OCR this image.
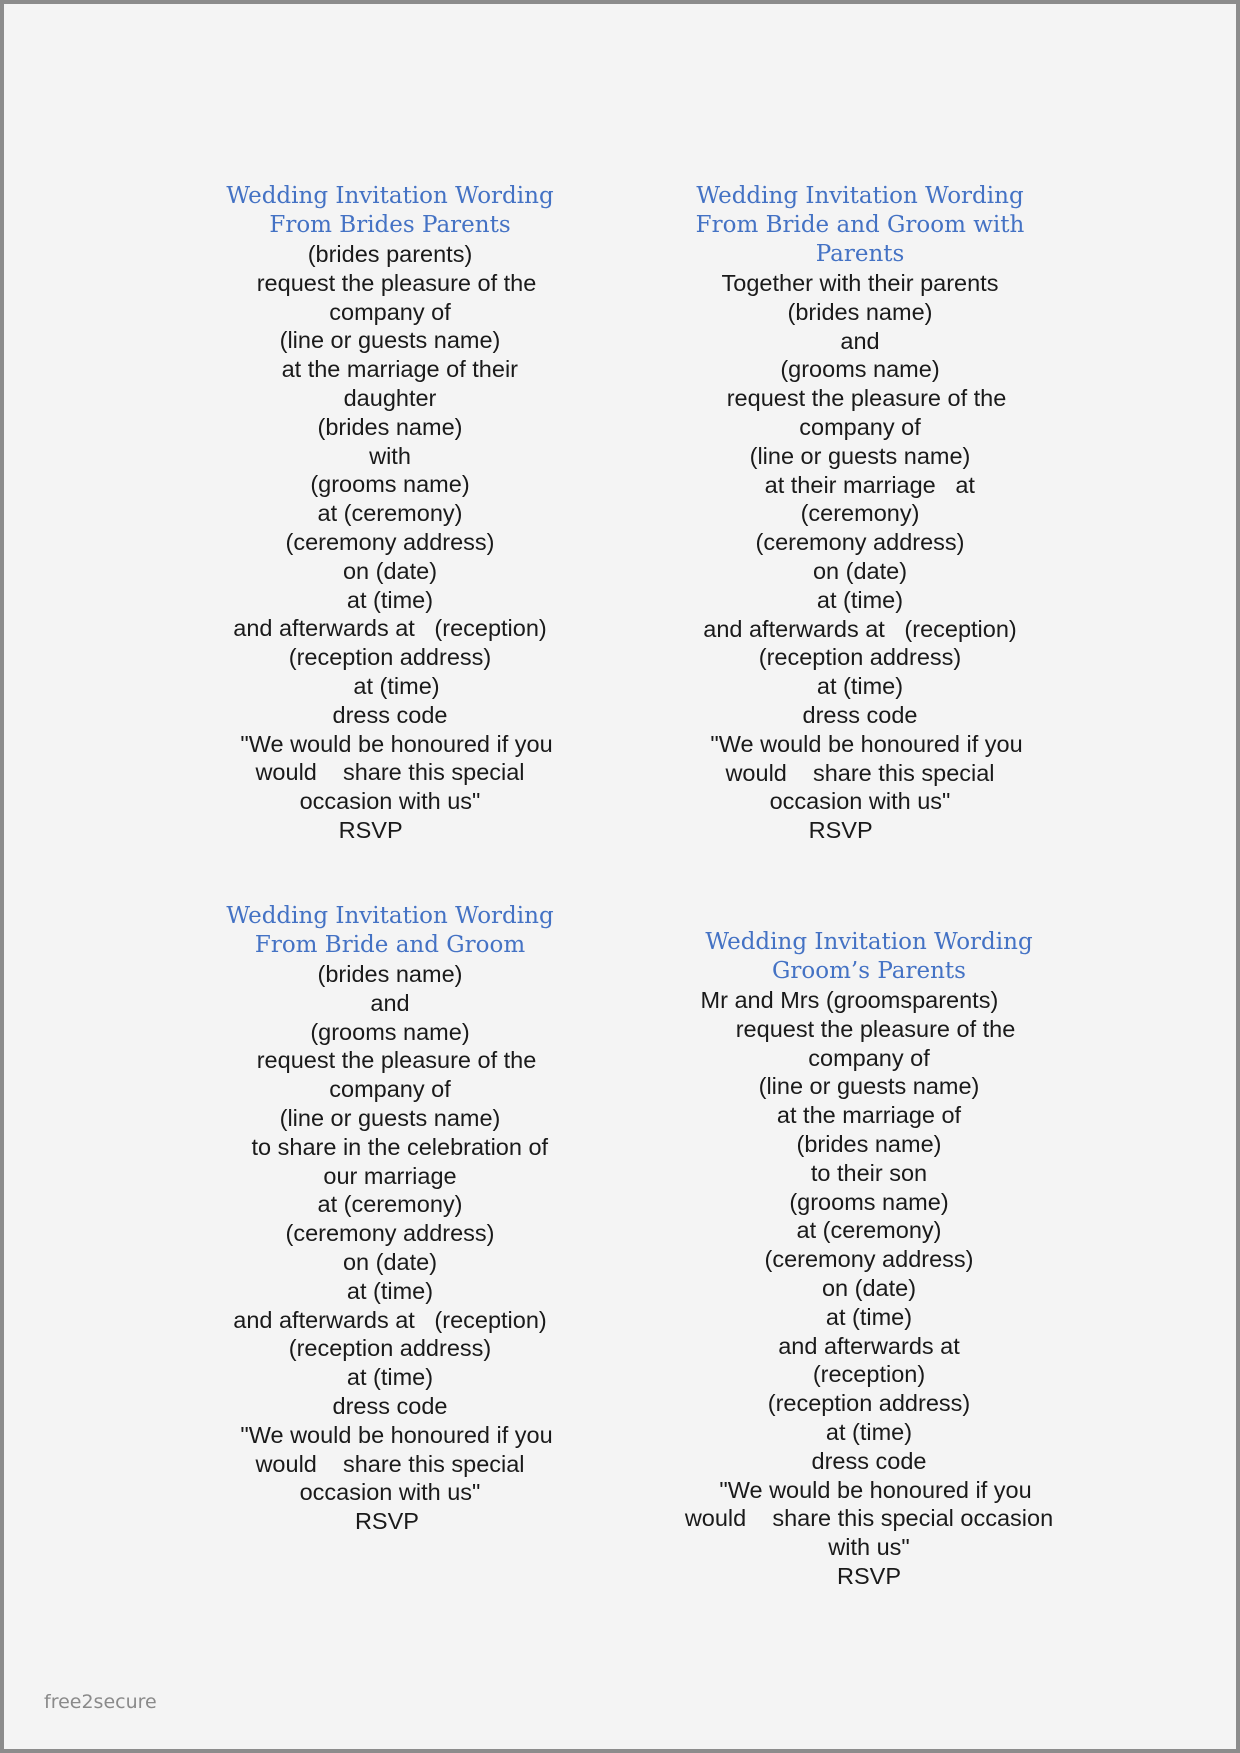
Wedding Invitation Wording
From Brides Parents
(brides parents)
request the pleasure of the
company of
(line or guests name)
at the marriage of their
daughter
(brides name)
with
(grooms name)
at (ceremony)
(ceremony address)
on (date)
at (time)
and afterwards at   (reception)
(reception address)
at (time)
dress code
"We would be honoured if you
would    share this special
occasion with us"
RSVP
Wedding Invitation Wording
From Bride and Groom with
Parents
Together with their parents
(brides name)
and
(grooms name)
request the pleasure of the
company of
(line or guests name)
at their marriage   at
(ceremony)
(ceremony address)
on (date)
at (time)
and afterwards at   (reception)
(reception address)
at (time)
dress code
"We would be honoured if you
would    share this special
occasion with us"
RSVP
Wedding Invitation Wording
From Bride and Groom
(brides name)
and
(grooms name)
request the pleasure of the
company of
(line or guests name)
to share in the celebration of
our marriage
at (ceremony)
(ceremony address)
on (date)
at (time)
and afterwards at   (reception)
(reception address)
at (time)
dress code
"We would be honoured if you
would    share this special
occasion with us"
RSVP
Wedding Invitation Wording
Groom’s Parents
Mr and Mrs (groomsparents)
request the pleasure of the
company of
(line or guests name)
at the marriage of
(brides name)
to their son
(grooms name)
at (ceremony)
(ceremony address)
on (date)
at (time)
and afterwards at
(reception)
(reception address)
at (time)
dress code
"We would be honoured if you
would    share this special occasion
with us"
RSVP
free2secure
